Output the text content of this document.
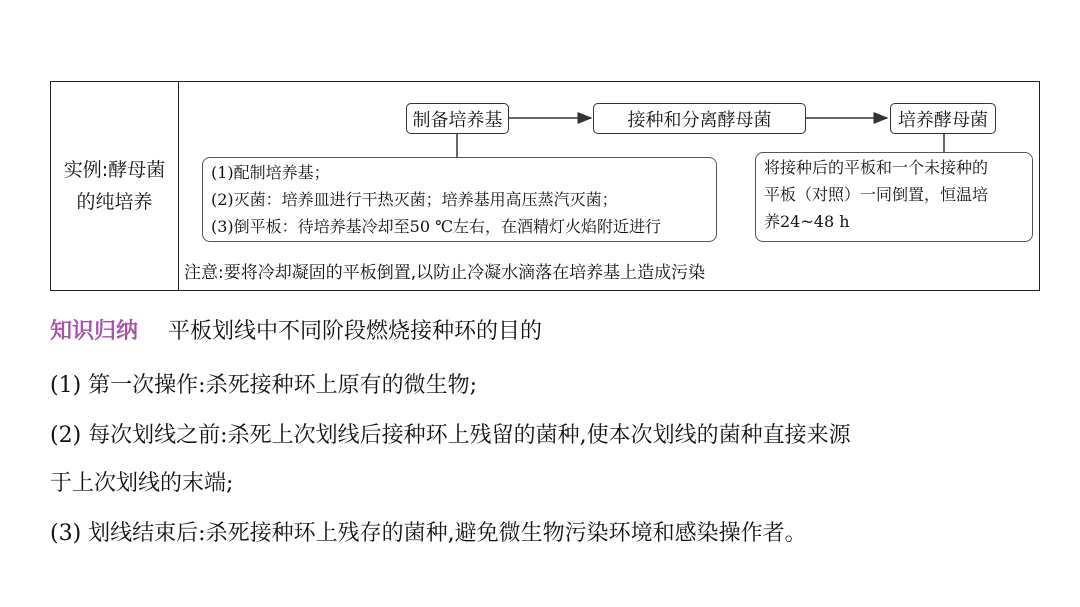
实例:酵母菌
的纯培养
制备培养基	接种和分离酵母菌	培养酵母菌
(1)配制培养基；
(2)灭菌：培养皿进行干热灭菌；培养基用高压蒸汽灭菌；
(3)倒平板：待培养基冷却至50 ℃左右，在酒精灯火焰附近进行
将接种后的平板和一个未接种的
平板（对照）一同倒置，恒温培
养24~48 h
注意:要将冷却凝固的平板倒置,以防止冷凝水滴落在培养基上造成污染
知识归纳 平板划线中不同阶段燃烧接种环的目的
(1) 第一次操作:杀死接种环上原有的微生物;
(2) 每次划线之前:杀死上次划线后接种环上残留的菌种,使本次划线的菌种直接来源
于上次划线的末端;
(3) 划线结束后:杀死接种环上残存的菌种,避免微生物污染环境和感染操作者。
